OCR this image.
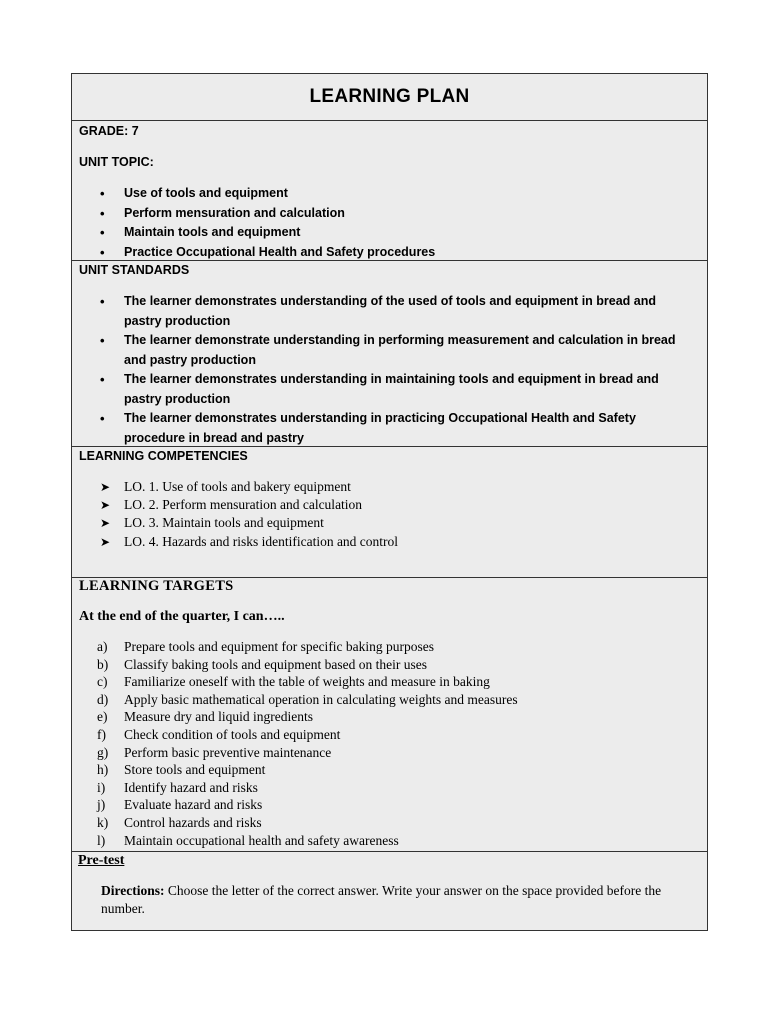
LEARNING PLAN
GRADE: 7
UNIT TOPIC:
• Use of tools and equipment
• Perform mensuration and calculation
• Maintain tools and equipment
• Practice Occupational Health and Safety procedures
UNIT STANDARDS
• The learner demonstrates understanding of the used of tools and equipment in bread and pastry production
• The learner demonstrate understanding in performing measurement and calculation in bread and pastry production
• The learner demonstrates understanding in maintaining tools and equipment in bread and pastry production
• The learner demonstrates understanding in practicing Occupational Health and Safety procedure in bread and pastry
LEARNING COMPETENCIES
➤ LO. 1. Use of tools and bakery equipment
➤ LO. 2. Perform mensuration and calculation
➤ LO. 3. Maintain tools and equipment
➤ LO. 4. Hazards and risks identification and control
LEARNING TARGETS
At the end of the quarter, I can…..
a) Prepare tools and equipment for specific baking purposes
b) Classify baking tools and equipment based on their uses
c) Familiarize oneself with the table of weights and measure in baking
d) Apply basic mathematical operation in calculating weights and measures
e) Measure dry and liquid ingredients
f) Check condition of tools and equipment
g) Perform basic preventive maintenance
h) Store tools and equipment
i) Identify hazard and risks
j) Evaluate hazard and risks
k) Control hazards and risks
l) Maintain occupational health and safety awareness
Pre-test
Directions: Choose the letter of the correct answer. Write your answer on the space provided before the number.
